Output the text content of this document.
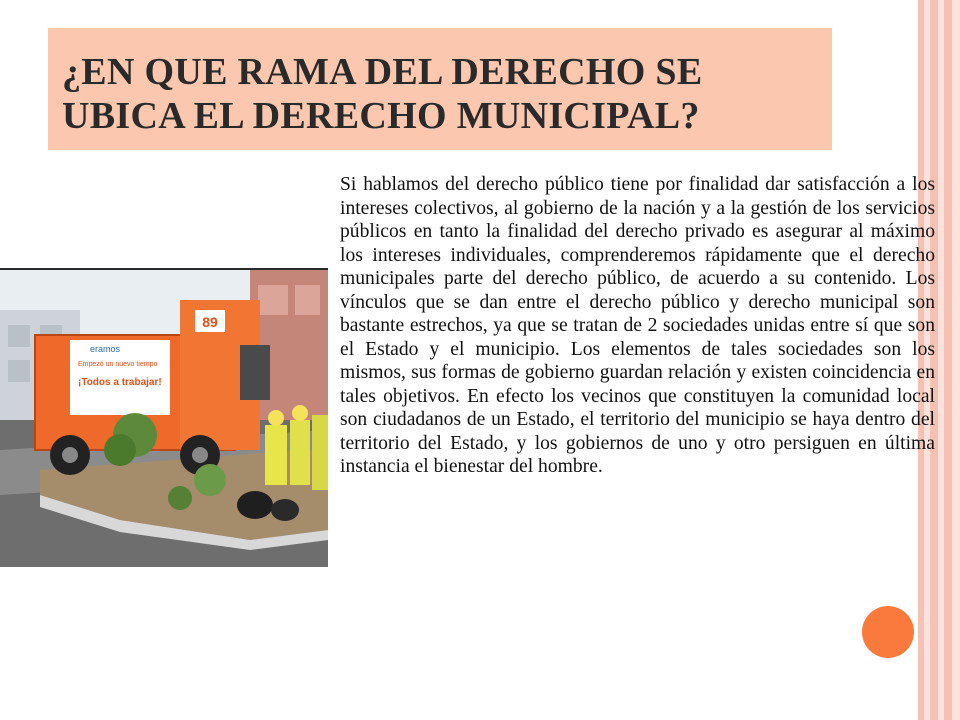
¿EN QUE RAMA DEL DERECHO SE UBICA EL DERECHO MUNICIPAL?
89
eramos
Empezó un nuevo tiempo
¡Todos a trabajar!

Si hablamos del derecho público tiene por finalidad dar satisfacción a los intereses colectivos, al gobierno de la nación y a la gestión de los servicios públicos en tanto la finalidad del derecho privado es asegurar al máximo los intereses individuales, comprenderemos rápidamente que el derecho municipales parte del derecho público, de acuerdo a su contenido. Los vínculos que se dan entre el derecho público y derecho municipal son bastante estrechos, ya que se tratan de 2 sociedades unidas entre sí que son el Estado y el municipio. Los elementos de tales sociedades son los mismos, sus formas de gobierno guardan relación y existen coincidencia en tales objetivos. En efecto los vecinos que constituyen la comunidad local son ciudadanos de un Estado, el territorio del municipio se haya dentro del territorio del Estado, y los gobiernos de uno y otro persiguen en última instancia el bienestar del hombre.
